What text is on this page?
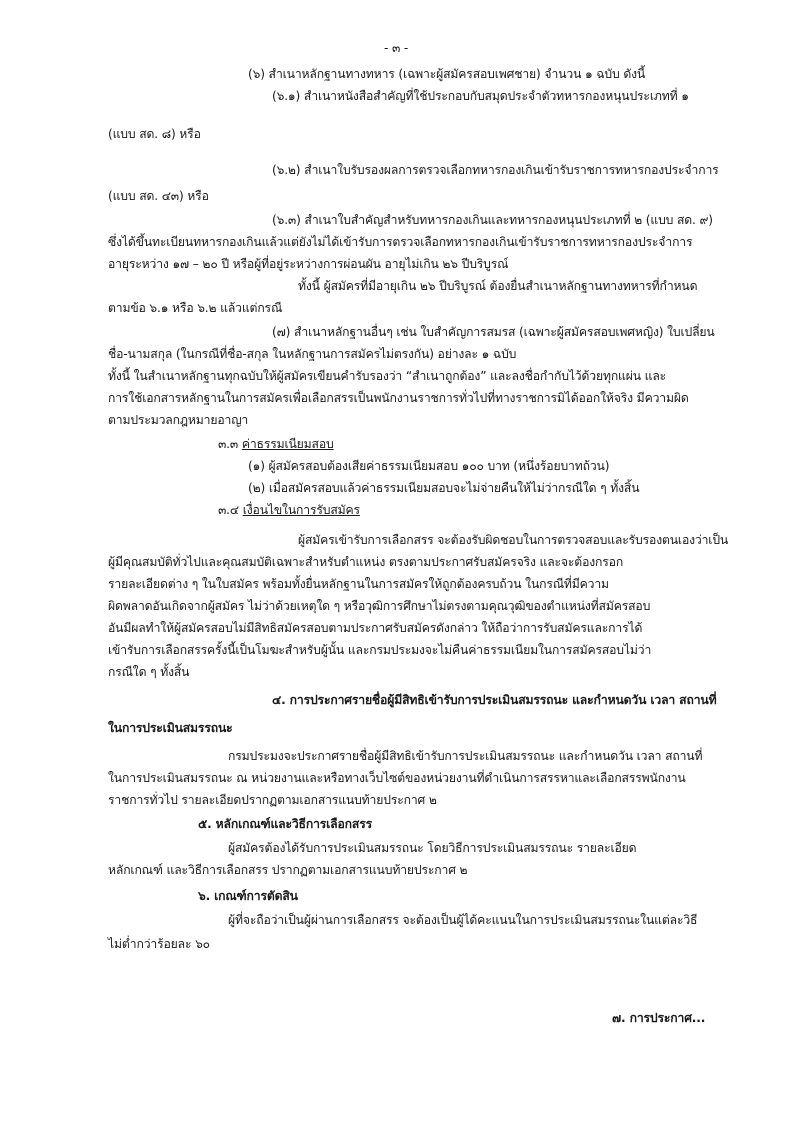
- ๓ -
(๖) สำเนาหลักฐานทางทหาร (เฉพาะผู้สมัครสอบเพศชาย) จำนวน ๑ ฉบับ ดังนี้
(๖.๑) สำเนาหนังสือสำคัญที่ใช้ประกอบกับสมุดประจำตัวทหารกองหนุนประเภทที่ ๑
(แบบ สด. ๘) หรือ
(๖.๒) สำเนาใบรับรองผลการตรวจเลือกทหารกองเกินเข้ารับราชการทหารกองประจำการ
(แบบ สด. ๔๓) หรือ
(๖.๓) สำเนาใบสำคัญสำหรับทหารกองเกินและทหารกองหนุนประเภทที่ ๒ (แบบ สด. ๙)
ซึ่งได้ขึ้นทะเบียนทหารกองเกินแล้วแต่ยังไม่ได้เข้ารับการตรวจเลือกทหารกองเกินเข้ารับราชการทหารกองประจำการ
อายุระหว่าง ๑๗ – ๒๐ ปี หรือผู้ที่อยู่ระหว่างการผ่อนผัน อายุไม่เกิน ๒๖ ปีบริบูรณ์
ทั้งนี้ ผู้สมัครที่มีอายุเกิน ๒๖ ปีบริบูรณ์ ต้องยื่นสำเนาหลักฐานทางทหารที่กำหนด
ตามข้อ ๖.๑ หรือ ๖.๒ แล้วแต่กรณี
(๗) สำเนาหลักฐานอื่นๆ เช่น ใบสำคัญการสมรส (เฉพาะผู้สมัครสอบเพศหญิง) ใบเปลี่ยน
ชื่อ-นามสกุล (ในกรณีที่ชื่อ-สกุล ในหลักฐานการสมัครไม่ตรงกัน) อย่างละ ๑ ฉบับ
ทั้งนี้ ในสำเนาหลักฐานทุกฉบับให้ผู้สมัครเขียนคำรับรองว่า “สำเนาถูกต้อง” และลงชื่อกำกับไว้ด้วยทุกแผ่น และ
การใช้เอกสารหลักฐานในการสมัครเพื่อเลือกสรรเป็นพนักงานราชการทั่วไปที่ทางราชการมิได้ออกให้จริง มีความผิด
ตามประมวลกฎหมายอาญา
๓.๓ ค่าธรรมเนียมสอบ
(๑) ผู้สมัครสอบต้องเสียค่าธรรมเนียมสอบ ๑๐๐ บาท (หนึ่งร้อยบาทถ้วน)
(๒) เมื่อสมัครสอบแล้วค่าธรรมเนียมสอบจะไม่จ่ายคืนให้ไม่ว่ากรณีใด ๆ ทั้งสิ้น
๓.๔ เงื่อนไขในการรับสมัคร
ผู้สมัครเข้ารับการเลือกสรร จะต้องรับผิดชอบในการตรวจสอบและรับรองตนเองว่าเป็น
ผู้มีคุณสมบัติทั่วไปและคุณสมบัติเฉพาะสำหรับตำแหน่ง ตรงตามประกาศรับสมัครจริง และจะต้องกรอก
รายละเอียดต่าง ๆ ในใบสมัคร พร้อมทั้งยื่นหลักฐานในการสมัครให้ถูกต้องครบถ้วน ในกรณีที่มีความ
ผิดพลาดอันเกิดจากผู้สมัคร ไม่ว่าด้วยเหตุใด ๆ หรือวุฒิการศึกษาไม่ตรงตามคุณวุฒิของตำแหน่งที่สมัครสอบ
อันมีผลทำให้ผู้สมัครสอบไม่มีสิทธิสมัครสอบตามประกาศรับสมัครดังกล่าว ให้ถือว่าการรับสมัครและการได้
เข้ารับการเลือกสรรครั้งนี้เป็นโมฆะสำหรับผู้นั้น และกรมประมงจะไม่คืนค่าธรรมเนียมในการสมัครสอบไม่ว่า
กรณีใด ๆ ทั้งสิ้น
๔. การประกาศรายชื่อผู้มีสิทธิเข้ารับการประเมินสมรรถนะ และกำหนดวัน เวลา สถานที่
ในการประเมินสมรรถนะ
กรมประมงจะประกาศรายชื่อผู้มีสิทธิเข้ารับการประเมินสมรรถนะ และกำหนดวัน เวลา สถานที่
ในการประเมินสมรรถนะ ณ หน่วยงานและหรือทางเว็บไซต์ของหน่วยงานที่ดำเนินการสรรหาและเลือกสรรพนักงาน
ราชการทั่วไป รายละเอียดปรากฏตามเอกสารแนบท้ายประกาศ ๒
๕. หลักเกณฑ์และวิธีการเลือกสรร
ผู้สมัครต้องได้รับการประเมินสมรรถนะ โดยวิธีการประเมินสมรรถนะ รายละเอียด
หลักเกณฑ์ และวิธีการเลือกสรร ปรากฏตามเอกสารแนบท้ายประกาศ ๒
๖. เกณฑ์การตัดสิน
ผู้ที่จะถือว่าเป็นผู้ผ่านการเลือกสรร จะต้องเป็นผู้ได้คะแนนในการประเมินสมรรถนะในแต่ละวิธี
ไม่ต่ำกว่าร้อยละ ๖๐
๗. การประกาศ...
